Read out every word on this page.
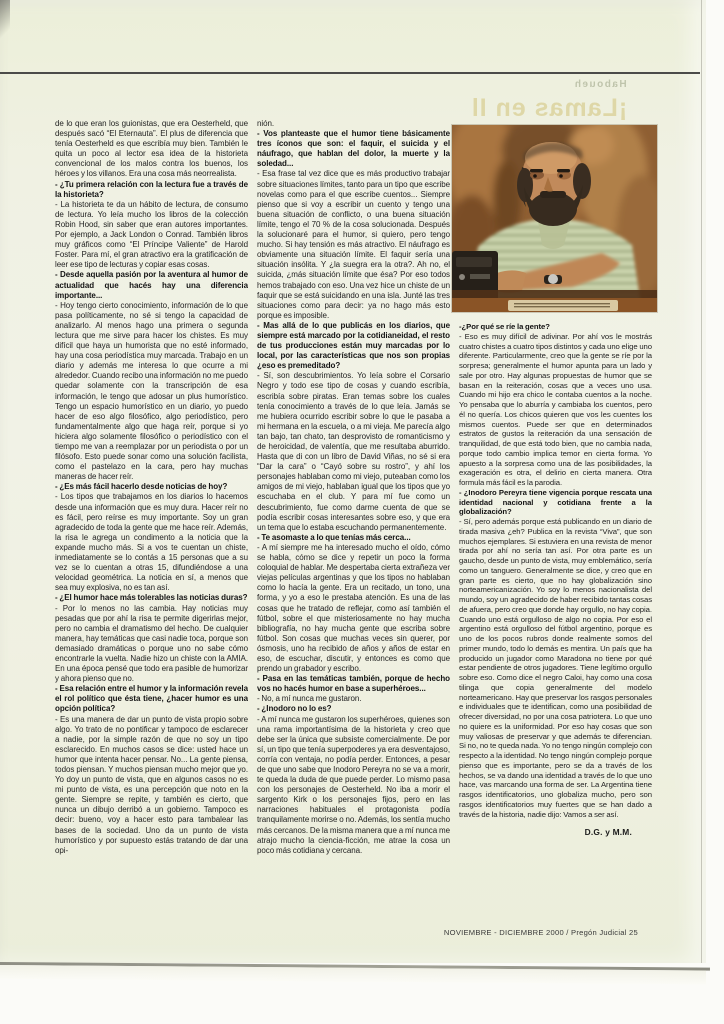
Haboueh
¡Lamas en Il

de lo que eran los guionistas, que era Oesterheld, que después sacó “El Eternauta”. El plus de diferencia que tenía Oesterheld es que escribía muy bien. También le quita un poco al lector esa idea de la historieta convencional de los malos contra los buenos, los héroes y los villanos. Era una cosa más neorrealista.

- ¿Tu primera relación con la lectura fue a través de la historieta?

- La historieta te da un hábito de lectura, de consumo de lectura. Yo leía mucho los libros de la colección Robin Hood, sin saber que eran autores importantes. Por ejemplo, a Jack London o Conrad. También libros muy gráficos como “El Príncipe Valiente” de Harold Foster. Para mí, el gran atractivo era la gratificación de leer ese tipo de lecturas y copiar esas cosas.

- Desde aquella pasión por la aventura al humor de actualidad que hacés hay una diferencia importante...

- Hoy tengo cierto conocimiento, información de lo que pasa políticamente, no sé si tengo la capacidad de analizarlo. Al menos hago una primera o segunda lectura que me sirve para hacer los chistes. Es muy difícil que haya un humorista que no esté informado, hay una cosa periodística muy marcada. Trabajo en un diario y además me interesa lo que ocurre a mi alrededor. Cuando recibo una información no me puedo quedar solamente con la transcripción de esa información, le tengo que adosar un plus humorístico. Tengo un espacio humorístico en un diario, yo puedo hacer de eso algo filosófico, algo periodístico, pero fundamentalmente algo que haga reír, porque si yo hiciera algo solamente filosófico o periodístico con el tiempo me van a reemplazar por un periodista o por un filósofo. Esto puede sonar como una solución facilista, como el pastelazo en la cara, pero hay muchas maneras de hacer reír.

- ¿Es más fácil hacerlo desde noticias de hoy?

- Los tipos que trabajamos en los diarios lo hacemos desde una información que es muy dura. Hacer reír no es fácil, pero reírse es muy importante. Soy un gran agradecido de toda la gente que me hace reír. Además, la risa le agrega un condimento a la noticia que la expande mucho más. Si a vos te cuentan un chiste, inmediatamente se lo contás a 15 personas que a su vez se lo cuentan a otras 15, difundiéndose a una velocidad geométrica. La noticia en sí, a menos que sea muy explosiva, no es tan así.

- ¿El humor hace más tolerables las noticias duras?

- Por lo menos no las cambia. Hay noticias muy pesadas que por ahí la risa te permite digerirlas mejor, pero no cambia el dramatismo del hecho. De cualquier manera, hay temáticas que casi nadie toca, porque son demasiado dramáticas o porque uno no sabe cómo encontrarle la vuelta. Nadie hizo un chiste con la AMIA. En una época pensé que todo era pasible de humorizar y ahora pienso que no.

- Esa relación entre el humor y la información revela el rol político que ésta tiene, ¿hacer humor es una opción política?

- Es una manera de dar un punto de vista propio sobre algo. Yo trato de no pontificar y tampoco de esclarecer a nadie, por la simple razón de que no soy un tipo esclarecido. En muchos casos se dice: usted hace un humor que intenta hacer pensar. No... La gente piensa, todos piensan. Y muchos piensan mucho mejor que yo. Yo doy un punto de vista, que en algunos casos no es mi punto de vista, es una percepción que noto en la gente. Siempre se repite, y también es cierto, que nunca un dibujo derribó a un gobierno. Tampoco es decir: bueno, voy a hacer esto para tambalear las bases de la sociedad. Uno da un punto de vista humorístico y por supuesto estás tratando de dar una opi-

nión.

- Vos planteaste que el humor tiene básicamente tres íconos que son: el faquir, el suicida y el náufrago, que hablan del dolor, la muerte y la soledad...

- Esa frase tal vez dice que es más productivo trabajar sobre situaciones límites, tanto para un tipo que escribe novelas como para el que escribe cuentos... Siempre pienso que si voy a escribir un cuento y tengo una buena situación de conflicto, o una buena situación límite, tengo el 70 % de la cosa solucionada. Después la solucionaré para el humor, si quiero, pero tengo mucho. Si hay tensión es más atractivo. El náufrago es obviamente una situación límite. El faquir sería una situación insólita. Y ¿la suegra era la otra?. Ah no, el suicida, ¿más situación límite que ésa? Por eso todos hemos trabajado con eso. Una vez hice un chiste de un faquir que se está suicidando en una isla. Junté las tres situaciones como para decir: ya no hago más esto porque es imposible.

- Mas allá de lo que publicás en los diarios, que siempre está marcado por la cotidianeidad, el resto de tus producciones están muy marcadas por lo local, por las características que nos son propias ¿eso es premeditado?

- Sí, son descubrimientos. Yo leía sobre el Corsario Negro y todo ese tipo de cosas y cuando escribía, escribía sobre piratas. Eran temas sobre los cuales tenía conocimiento a través de lo que leía. Jamás se me hubiera ocurrido escribir sobre lo que le pasaba a mi hermana en la escuela, o a mi vieja. Me parecía algo tan bajo, tan chato, tan desprovisto de romanticismo y de heroicidad, de valentía, que me resultaba aburrido. Hasta que di con un libro de David Viñas, no sé si era “Dar la cara” o “Cayó sobre su rostro”, y ahí los personajes hablaban como mi viejo, puteaban como los amigos de mi viejo, hablaban igual que los tipos que yo escuchaba en el club. Y para mí fue como un descubrimiento, fue como darme cuenta de que se podía escribir cosas interesantes sobre eso, y que era un tema que lo estaba escuchando permanentemente.

- Te asomaste a lo que tenías más cerca...

- A mí siempre me ha interesado mucho el oído, cómo se habla, cómo se dice y repetir un poco la forma coloquial de hablar. Me despertaba cierta extrañeza ver viejas películas argentinas y que los tipos no hablaban como lo hacía la gente. Era un recitado, un tono, una forma, y yo a eso le prestaba atención. Es una de las cosas que he tratado de reflejar, como así también el fútbol, sobre el que misteriosamente no hay mucha bibliografía, no hay mucha gente que escriba sobre fútbol. Son cosas que muchas veces sin querer, por ósmosis, uno ha recibido de años y años de estar en eso, de escuchar, discutir, y entonces es como que prendo un grabador y escribo.

- Pasa en las temáticas también, porque de hecho vos no hacés humor en base a superhéroes...

- No, a mí nunca me gustaron.

- ¿Inodoro no lo es?

- A mí nunca me gustaron los superhéroes, quienes son una rama importantísima de la historieta y creo que debe ser la única que subsiste comercialmente. De por sí, un tipo que tenía superpoderes ya era desventajoso, corría con ventaja, no podía perder. Entonces, a pesar de que uno sabe que Inodoro Pereyra no se va a morir, te queda la duda de que puede perder. Lo mismo pasa con los personajes de Oesterheld. No iba a morir el sargento Kirk o los personajes fijos, pero en las narraciones habituales el protagonista podía tranquilamente morirse o no. Además, los sentía mucho más cercanos. De la misma manera que a mí nunca me atrajo mucho la ciencia-ficción, me atrae la cosa un poco más cotidiana y cercana.

-¿Por qué se ríe la gente?

- Eso es muy difícil de adivinar. Por ahí vos le mostrás cuatro chistes a cuatro tipos distintos y cada uno elige uno diferente. Particularmente, creo que la gente se ríe por la sorpresa; generalmente el humor apunta para un lado y sale por otro. Hay algunas propuestas de humor que se basan en la reiteración, cosas que a veces uno usa. Cuando mi hijo era chico le contaba cuentos a la noche. Yo pensaba que lo aburría y cambiaba los cuentos, pero él no quería. Los chicos quieren que vos les cuentes los mismos cuentos. Puede ser que en determinados estratos de gustos la reiteración da una sensación de tranquilidad, de que está todo bien, que no cambia nada, porque todo cambio implica temor en cierta forma. Yo apuesto a la sorpresa como una de las posibilidades, la exageración es otra, el delirio en cierta manera. Otra formula más fácil es la parodia.

- ¿Inodoro Pereyra tiene vigencia porque rescata una identidad nacional y cotidiana frente a la globalización?

- Sí, pero además porque está publicando en un diario de tirada masiva ¿eh? Publica en la revista “Viva”, que son muchos ejemplares. Si estuviera en una revista de menor tirada por ahí no sería tan así. Por otra parte es un gaucho, desde un punto de vista, muy emblemático, sería como un tanguero. Generalmente se dice, y creo que en gran parte es cierto, que no hay globalización sino norteamericanización. Yo soy lo menos nacionalista del mundo, soy un agradecido de haber recibido tantas cosas de afuera, pero creo que donde hay orgullo, no hay copia. Cuando uno está orgulloso de algo no copia. Por eso el argentino está orgulloso del fútbol argentino, porque es uno de los pocos rubros donde realmente somos del primer mundo, todo lo demás es mentira. Un país que ha producido un jugador como Maradona no tiene por qué estar pendiente de otros jugadores. Tiene legítimo orgullo sobre eso. Como dice el negro Caloi, hay como una cosa tilinga que copia generalmente del modelo norteamericano. Hay que preservar los rasgos personales e individuales que te identifican, como una posibilidad de ofrecer diversidad, no por una cosa patriotera. Lo que uno no quiere es la uniformidad. Por eso hay cosas que son muy valiosas de preservar y que además te diferencian. Si no, no te queda nada. Yo no tengo ningún complejo con respecto a la identidad. No tengo ningún complejo porque pienso que es importante, pero se da a través de los hechos, se va dando una identidad a través de lo que uno hace, vas marcando una forma de ser. La Argentina tiene rasgos identificatorios, uno globaliza mucho, pero son rasgos identificatorios muy fuertes que se han dado a través de la historia, nadie dijo: Vamos a ser así.

D.G. y M.M.
NOVIEMBRE - DICIEMBRE 2000 / Pregón Judicial 25
